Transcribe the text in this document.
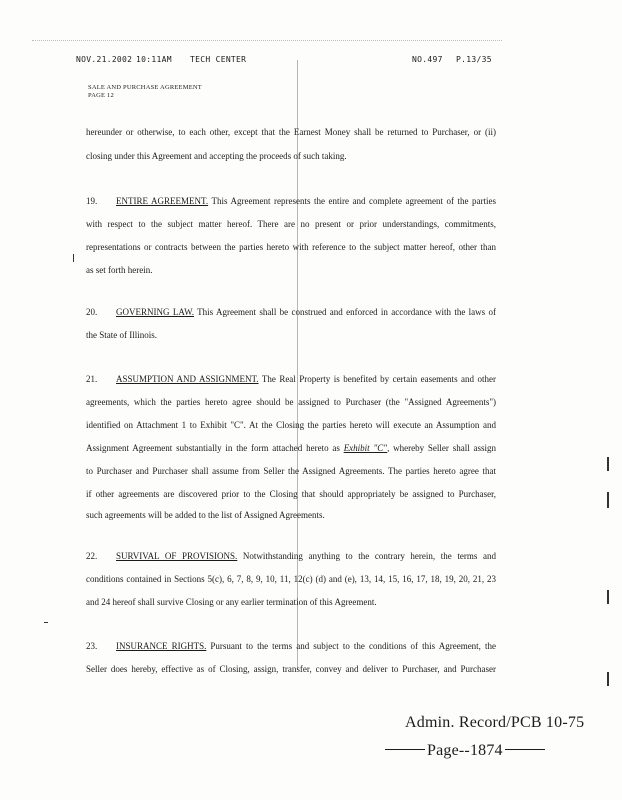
NOV.21.2002 10:11AM TECH CENTER	NO.497 P.13/35
SALE AND PURCHASE AGREEMENT
PAGE 12
hereunder or otherwise, to each other, except that the Earnest Money shall be returned to Purchaser, or (ii)
closing under this Agreement and accepting the proceeds of such taking.
19. ENTIRE AGREEMENT. This Agreement represents the entire and complete agreement of the parties
with respect to the subject matter hereof. There are no present or prior understandings, commitments,
representations or contracts between the parties hereto with reference to the subject matter hereof, other than
as set forth herein.
20. GOVERNING LAW. This Agreement shall be construed and enforced in accordance with the laws of
the State of Illinois.
21. ASSUMPTION AND ASSIGNMENT. The Real Property is benefited by certain easements and other
agreements, which the parties hereto agree should be assigned to Purchaser (the "Assigned Agreements")
identified on Attachment 1 to Exhibit "C". At the Closing the parties hereto will execute an Assumption and
Assignment Agreement substantially in the form attached hereto as Exhibit "C", whereby Seller shall assign
to Purchaser and Purchaser shall assume from Seller the Assigned Agreements. The parties hereto agree that
if other agreements are discovered prior to the Closing that should appropriately be assigned to Purchaser,
such agreements will be added to the list of Assigned Agreements.
22. SURVIVAL OF PROVISIONS. Notwithstanding anything to the contrary herein, the terms and
conditions contained in Sections 5(c), 6, 7, 8, 9, 10, 11, 12(c) (d) and (e), 13, 14, 15, 16, 17, 18, 19, 20, 21, 23
and 24 hereof shall survive Closing or any earlier termination of this Agreement.
23. INSURANCE RIGHTS. Pursuant to the terms and subject to the conditions of this Agreement, the
Seller does hereby, effective as of Closing, assign, transfer, convey and deliver to Purchaser, and Purchaser
Admin. Record/PCB 10-75
Page--1874
